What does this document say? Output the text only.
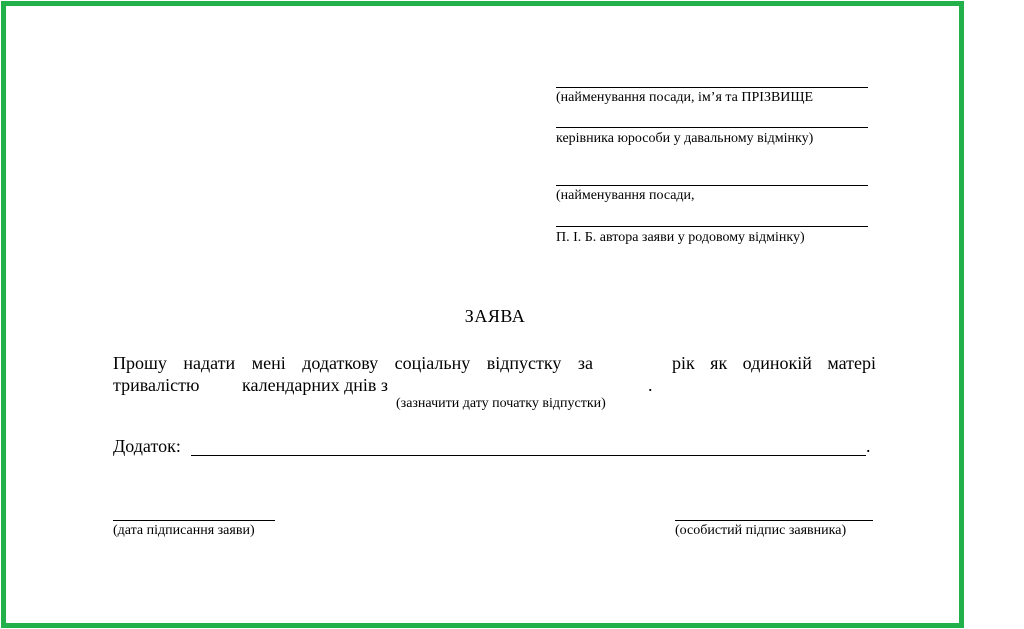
(найменування посади, ім’я та ПРІЗВИЩЕ
керівника юрособи у давальному відмінку)
(найменування посади,
П. І. Б. автора заяви у родовому відмінку)
ЗАЯВА
Прошу надати мені додаткову соціальну відпустку за	рік як одинокій матері
тривалістю календарних днів з	.
(зазначити дату початку відпустки)
Додаток:	.
(дата підписання заяви)	(особистий підпис заявника)
